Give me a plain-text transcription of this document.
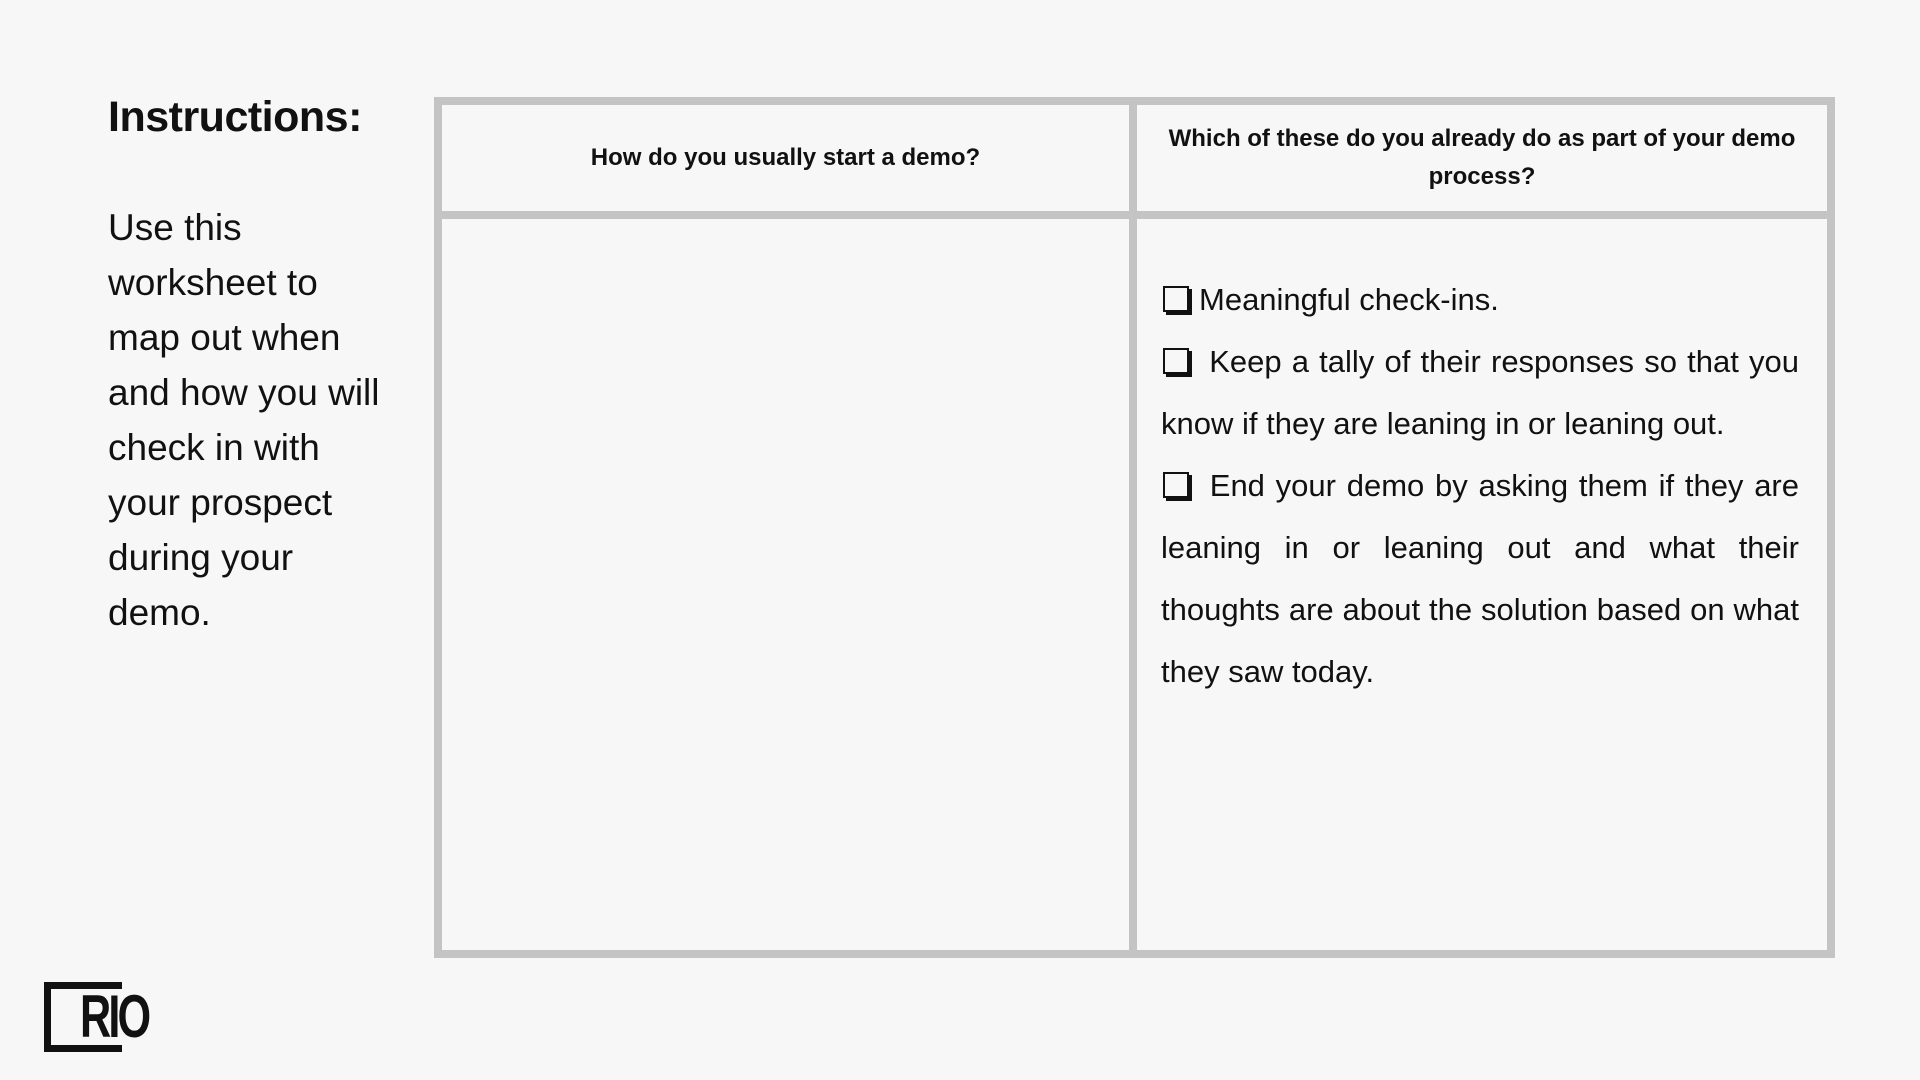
Instructions:
Use this
worksheet to
map out when
and how you will
check in with
your prospect
during your
demo.
How do you usually start a demo?
Which of these do you already do as part of your demo process?

Meaningful check-ins.

Keep a tally of their responses so that you know if they are leaning in or leaning out.

End your demo by asking them if they are leaning in or leaning out and what their thoughts are about the solution based on what they saw today.

RIO
